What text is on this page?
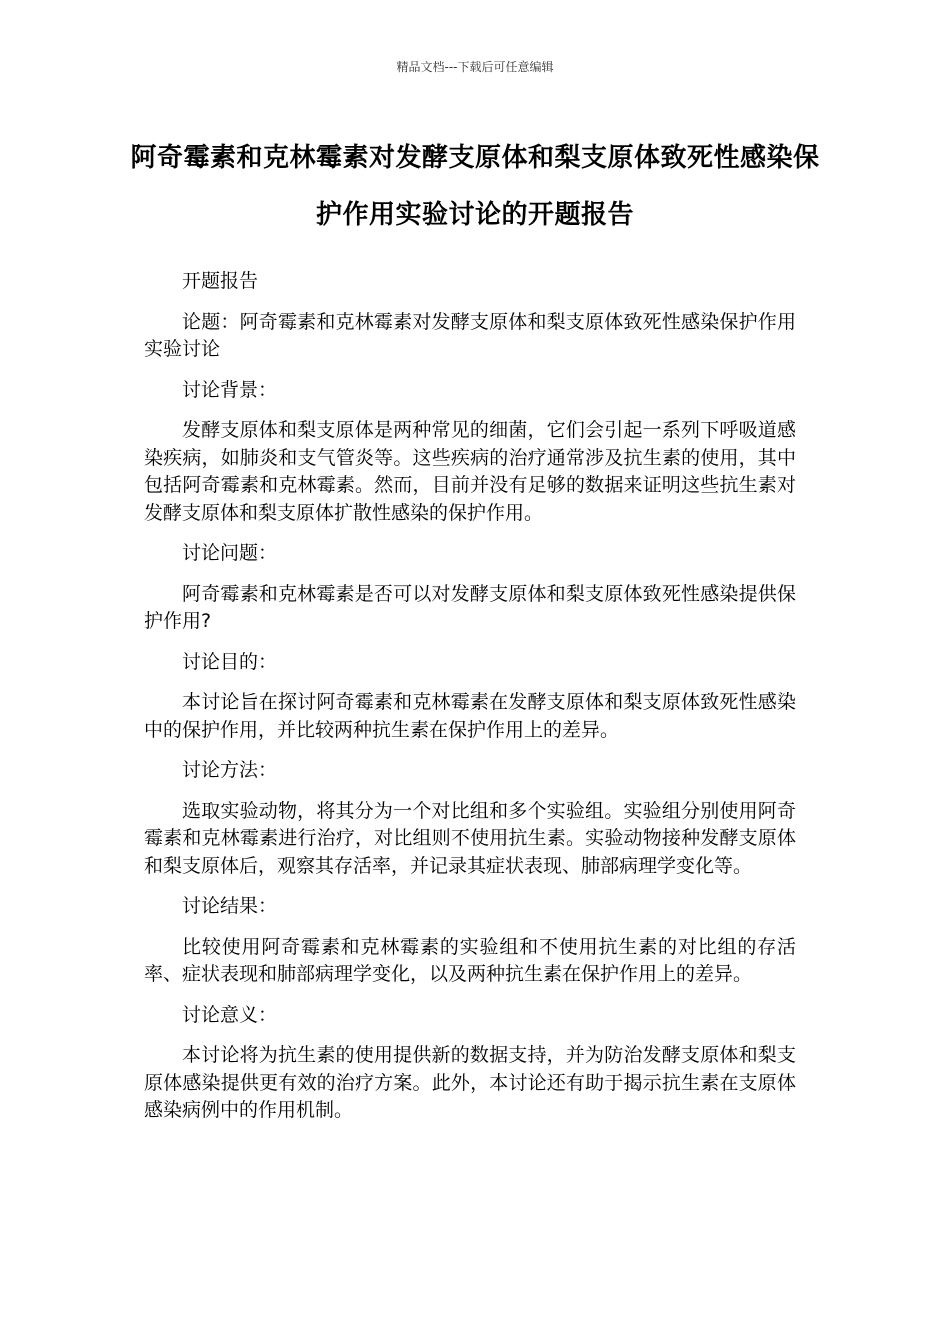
精品文档---下载后可任意编辑
阿奇霉素和克林霉素对发酵支原体和梨支原体致死性感染保护作用实验讨论的开题报告

开题报告

论题：阿奇霉素和克林霉素对发酵支原体和梨支原体致死性感染保护作用实验讨论

讨论背景：

发酵支原体和梨支原体是两种常见的细菌，它们会引起一系列下呼吸道感染疾病，如肺炎和支气管炎等。这些疾病的治疗通常涉及抗生素的使用，其中包括阿奇霉素和克林霉素。然而，目前并没有足够的数据来证明这些抗生素对发酵支原体和梨支原体扩散性感染的保护作用。

讨论问题：

阿奇霉素和克林霉素是否可以对发酵支原体和梨支原体致死性感染提供保护作用?

讨论目的：

本讨论旨在探讨阿奇霉素和克林霉素在发酵支原体和梨支原体致死性感染中的保护作用，并比较两种抗生素在保护作用上的差异。

讨论方法：

选取实验动物，将其分为一个对比组和多个实验组。实验组分别使用阿奇霉素和克林霉素进行治疗，对比组则不使用抗生素。实验动物接种发酵支原体和梨支原体后，观察其存活率，并记录其症状表现、肺部病理学变化等。

讨论结果：

比较使用阿奇霉素和克林霉素的实验组和不使用抗生素的对比组的存活率、症状表现和肺部病理学变化，以及两种抗生素在保护作用上的差异。

讨论意义：

本讨论将为抗生素的使用提供新的数据支持，并为防治发酵支原体和梨支原体感染提供更有效的治疗方案。此外，本讨论还有助于揭示抗生素在支原体感染病例中的作用机制。
